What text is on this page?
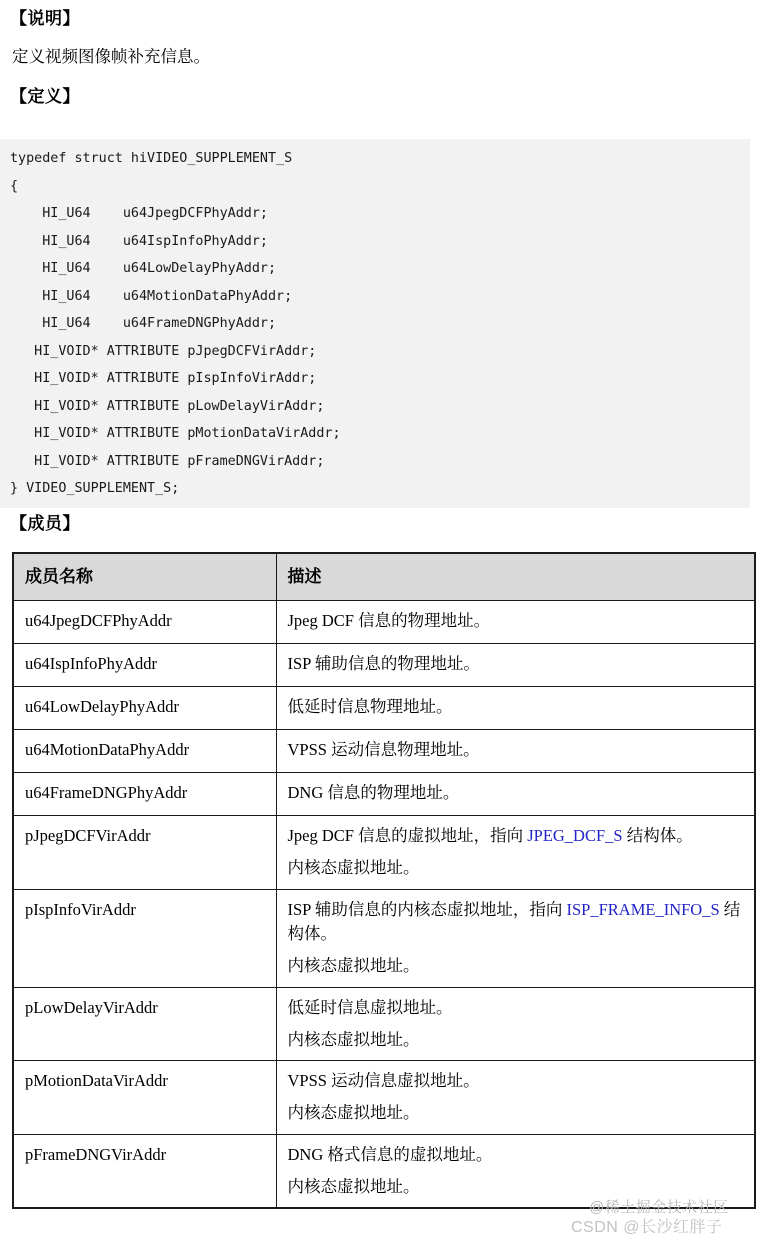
【说明】
定义视频图像帧补充信息。
【定义】
typedef struct hiVIDEO_SUPPLEMENT_S
{
HI_U64    u64JpegDCFPhyAddr;
HI_U64    u64IspInfoPhyAddr;
HI_U64    u64LowDelayPhyAddr;
HI_U64    u64MotionDataPhyAddr;
HI_U64    u64FrameDNGPhyAddr;
HI_VOID* ATTRIBUTE pJpegDCFVirAddr;
HI_VOID* ATTRIBUTE pIspInfoVirAddr;
HI_VOID* ATTRIBUTE pLowDelayVirAddr;
HI_VOID* ATTRIBUTE pMotionDataVirAddr;
HI_VOID* ATTRIBUTE pFrameDNGVirAddr;
} VIDEO_SUPPLEMENT_S;
【成员】
成员名称	描述
u64JpegDCFPhyAddr	Jpeg DCF 信息的物理地址。

u64IspInfoPhyAddr	ISP 辅助信息的物理地址。

u64LowDelayPhyAddr	低延时信息物理地址。

u64MotionDataPhyAddr	VPSS 运动信息物理地址。

u64FrameDNGPhyAddr	DNG 信息的物理地址。

pJpegDCFVirAddr	Jpeg DCF 信息的虚拟地址，指向 JPEG_DCF_S 结构体。
内核态虚拟地址。

pIspInfoVirAddr	ISP 辅助信息的内核态虚拟地址，指向 ISP_FRAME_INFO_S 结构体。
内核态虚拟地址。

pLowDelayVirAddr	低延时信息虚拟地址。
内核态虚拟地址。

pMotionDataVirAddr	VPSS 运动信息虚拟地址。
内核态虚拟地址。

pFrameDNGVirAddr	DNG 格式信息的虚拟地址。
内核态虚拟地址。
@稀土掘金技术社区
CSDN @长沙红胖子
